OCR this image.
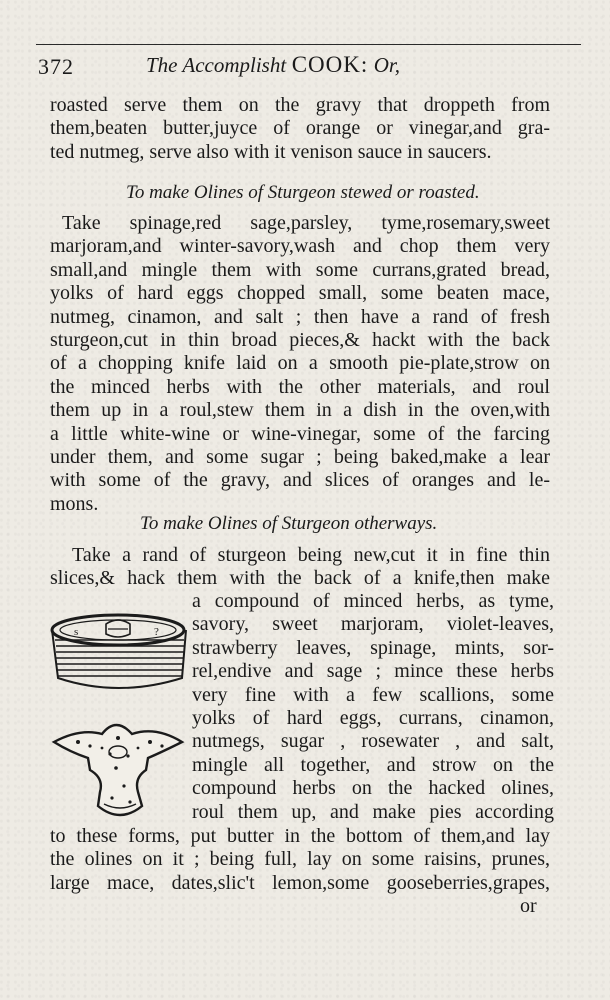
372	The Accomplisht COOK: Or,
roasted serve them on the gravy that droppeth from
them,beaten butter,juyce of orange or vinegar,and gra-
ted nutmeg, serve also with it venison sauce in saucers.
To make Olines of Sturgeon stewed or roasted.
Take spinage,red sage,parsley, tyme,rosemary,sweet
marjoram,and winter-savory,wash and chop them very
small,and mingle them with some currans,grated bread,
yolks of hard eggs chopped small, some beaten mace,
nutmeg, cinamon, and salt ; then have a rand of fresh
sturgeon,cut in thin broad pieces,& hackt with the back
of a chopping knife laid on a smooth pie-plate,strow on
the minced herbs with the other materials, and roul
them up in a roul,stew them in a dish in the oven,with
a little white-wine or wine-vinegar, some of the farcing
under them, and some sugar ; being baked,make a lear
with some of the gravy, and slices of oranges and le-
mons.
To make Olines of Sturgeon otherways.
Take a rand of sturgeon being new,cut it in fine thin
slices,& hack them with the back of a knife,then make
s	?
a compound of minced herbs, as tyme,
savory, sweet marjoram, violet-leaves,
strawberry leaves, spinage, mints, sor-
rel,endive and sage ; mince these herbs
very fine with a few scallions, some
yolks of hard eggs, currans, cinamon,
nutmegs, sugar , rosewater , and salt,
mingle all together, and strow on the
compound herbs on the hacked olines,
roul them up, and make pies according
to these forms, put butter in the bottom of them,and lay
the olines on it ; being full, lay on some raisins, prunes,
large mace, dates,slic't lemon,some gooseberries,grapes,
or
